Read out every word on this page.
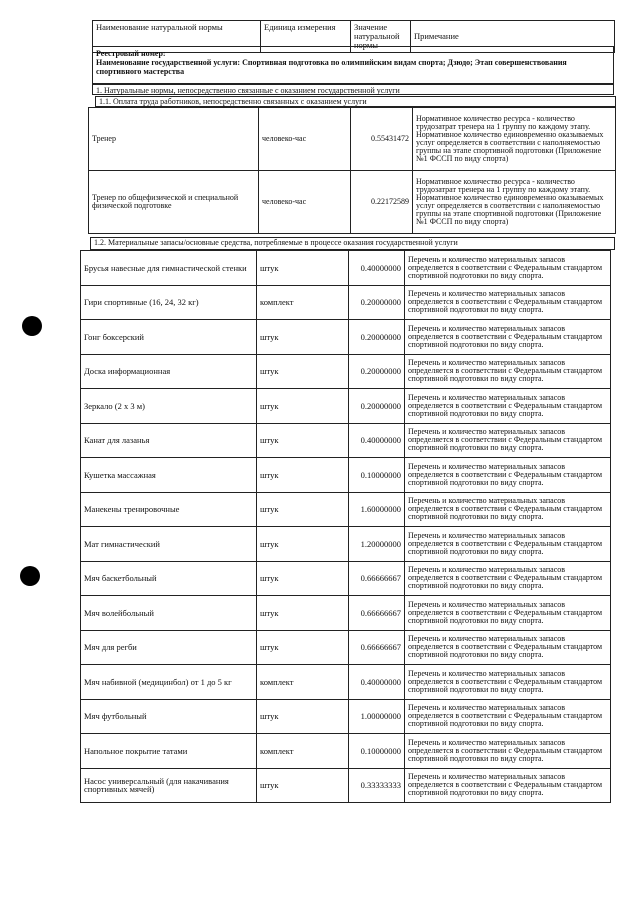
Наименование натуральной нормы	Единица измерения	Значение натуральной нормы	Примечание
Реестровый номер:
Наименование государственной услуги: Спортивная подготовка по олимпийским видам спорта; Дзюдо; Этап совершенствования спортивного мастерства
1. Натуральные нормы, непосредственно связанные с оказанием государственной услуги
1.1. Оплата труда работников, непосредственно связанных с оказанием услуги
Тренер	человеко-час	0.55431472	Нормативное количество ресурса - количество трудозатрат тренера на 1 группу по каждому этапу. Нормативное количество единовременно оказываемых услуг определяется в соответствии с наполняемостью группы на этапе спортивной подготовки (Приложение №1 ФССП по виду спорта)
Тренер по общефизической и специальной физической подготовке	человеко-час	0.22172589	Нормативное количество ресурса - количество трудозатрат тренера на 1 группу по каждому этапу. Нормативное количество единовременно оказываемых услуг определяется в соответствии с наполняемостью группы на этапе спортивной подготовки (Приложение №1 ФССП по виду спорта)
1.2. Материальные запасы/основные средства, потребляемые в процессе оказания государственной услуги
Брусья навесные для гимнастической стенки	штук	0.40000000	Перечень и количество материальных запасов определяется в соответствии с Федеральным стандартом спортивной подготовки по виду спорта.
Гири спортивные (16, 24, 32 кг)	комплект	0.20000000	Перечень и количество материальных запасов определяется в соответствии с Федеральным стандартом спортивной подготовки по виду спорта.
Гонг боксерский	штук	0.20000000	Перечень и количество материальных запасов определяется в соответствии с Федеральным стандартом спортивной подготовки по виду спорта.
Доска информационная	штук	0.20000000	Перечень и количество материальных запасов определяется в соответствии с Федеральным стандартом спортивной подготовки по виду спорта.
Зеркало (2 x 3 м)	штук	0.20000000	Перечень и количество материальных запасов определяется в соответствии с Федеральным стандартом спортивной подготовки по виду спорта.
Канат для лазанья	штук	0.40000000	Перечень и количество материальных запасов определяется в соответствии с Федеральным стандартом спортивной подготовки по виду спорта.
Кушетка массажная	штук	0.10000000	Перечень и количество материальных запасов определяется в соответствии с Федеральным стандартом спортивной подготовки по виду спорта.
Манекены тренировочные	штук	1.60000000	Перечень и количество материальных запасов определяется в соответствии с Федеральным стандартом спортивной подготовки по виду спорта.
Мат гимнастический	штук	1.20000000	Перечень и количество материальных запасов определяется в соответствии с Федеральным стандартом спортивной подготовки по виду спорта.
Мяч баскетбольный	штук	0.66666667	Перечень и количество материальных запасов определяется в соответствии с Федеральным стандартом спортивной подготовки по виду спорта.
Мяч волейбольный	штук	0.66666667	Перечень и количество материальных запасов определяется в соответствии с Федеральным стандартом спортивной подготовки по виду спорта.
Мяч для регби	штук	0.66666667	Перечень и количество материальных запасов определяется в соответствии с Федеральным стандартом спортивной подготовки по виду спорта.
Мяч набивной (медицинбол) от 1 до 5 кг	комплект	0.40000000	Перечень и количество материальных запасов определяется в соответствии с Федеральным стандартом спортивной подготовки по виду спорта.
Мяч футбольный	штук	1.00000000	Перечень и количество материальных запасов определяется в соответствии с Федеральным стандартом спортивной подготовки по виду спорта.
Напольное покрытие татами	комплект	0.10000000	Перечень и количество материальных запасов определяется в соответствии с Федеральным стандартом спортивной подготовки по виду спорта.
Насос универсальный (для накачивания спортивных мячей)	штук	0.33333333	Перечень и количество материальных запасов определяется в соответствии с Федеральным стандартом спортивной подготовки по виду спорта.
